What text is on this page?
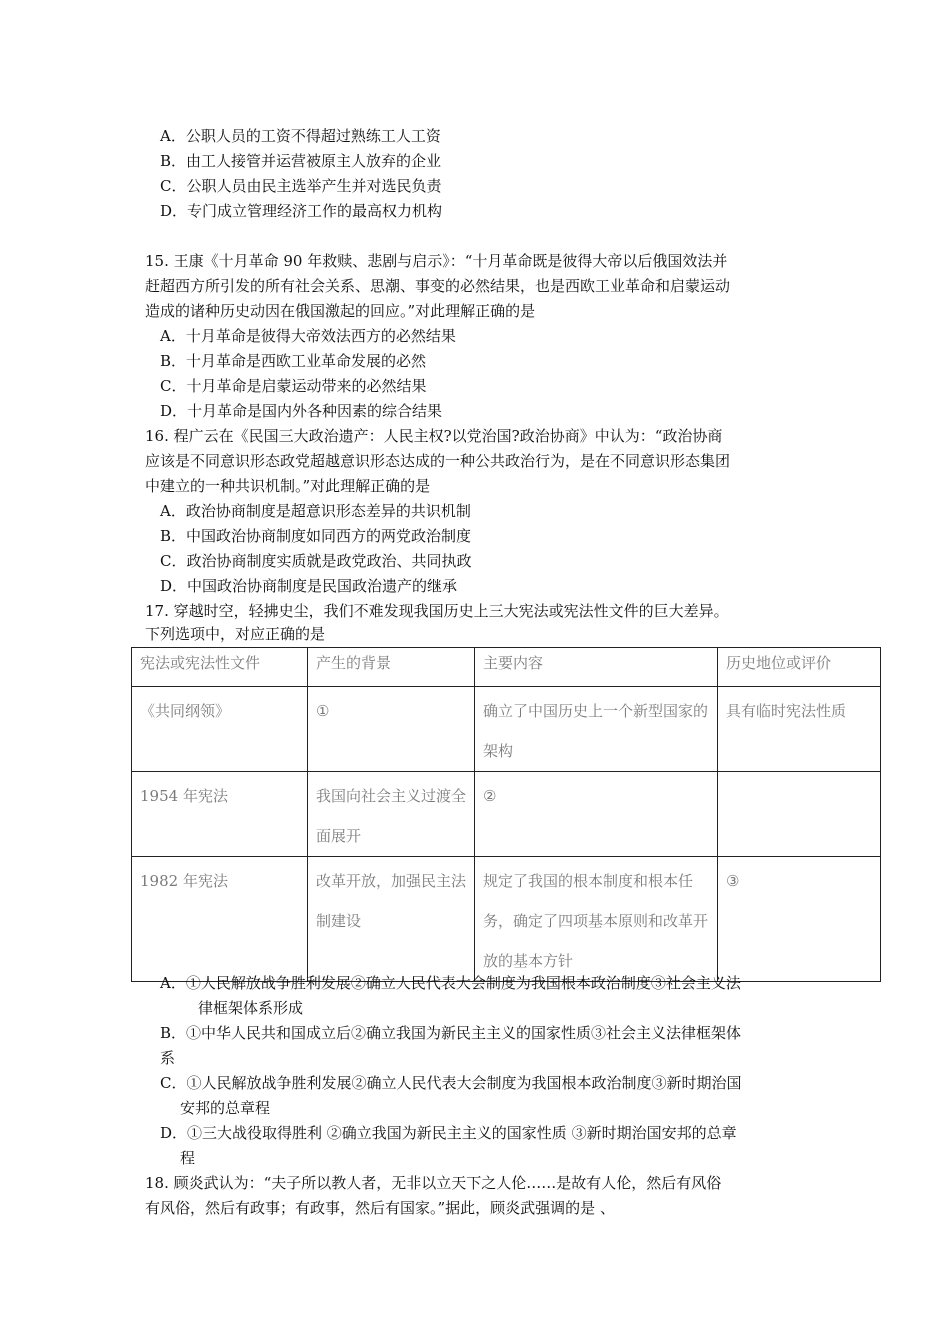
A．公职人员的工资不得超过熟练工人工资
B．由工人接管并运营被原主人放弃的企业
C．公职人员由民主选举产生并对选民负责
D．专门成立管理经济工作的最高权力机构
15. 王康《十月革命 90 年救赎、悲剧与启示》：“十月革命既是彼得大帝以后俄国效法并
赶超西方所引发的所有社会关系、思潮、事变的必然结果，也是西欧工业革命和启蒙运动
造成的诸种历史动因在俄国激起的回应。”对此理解正确的是
A．十月革命是彼得大帝效法西方的必然结果
B．十月革命是西欧工业革命发展的必然
C．十月革命是启蒙运动带来的必然结果
D．十月革命是国内外各种因素的综合结果
16. 程广云在《民国三大政治遗产：人民主权?以党治国?政治协商》中认为：“政治协商
应该是不同意识形态政党超越意识形态达成的一种公共政治行为，是在不同意识形态集团
中建立的一种共识机制。”对此理解正确的是
A．政治协商制度是超意识形态差异的共识机制
B．中国政治协商制度如同西方的两党政治制度
C．政治协商制度实质就是政党政治、共同执政
D．中国政治协商制度是民国政治遗产的继承
17. 穿越时空，轻拂史尘，我们不难发现我国历史上三大宪法或宪法性文件的巨大差异。
下列选项中，对应正确的是
宪法或宪法性文件	产生的背景	主要内容	历史地位或评价
《共同纲领》	①	确立了中国历史上一个新型国家的架构	具有临时宪法性质
1954 年宪法	我国向社会主义过渡全面展开	②	
1982 年宪法	改革开放，加强民主法制建设	规定了我国的根本制度和根本任务，确定了四项基本原则和改革开放的基本方针	③
A．①人民解放战争胜利发展②确立人民代表大会制度为我国根本政治制度③社会主义法
律框架体系形成
B．①中华人民共和国成立后②确立我国为新民主主义的国家性质③社会主义法律框架体
系
C．①人民解放战争胜利发展②确立人民代表大会制度为我国根本政治制度③新时期治国
安邦的总章程
D．①三大战役取得胜利 ②确立我国为新民主主义的国家性质 ③新时期治国安邦的总章
程
18. 顾炎武认为：“夫子所以教人者，无非以立天下之人伦……是故有人伦，然后有风俗
有风俗，然后有政事；有政事，然后有国家。”据此，顾炎武强调的是 、
